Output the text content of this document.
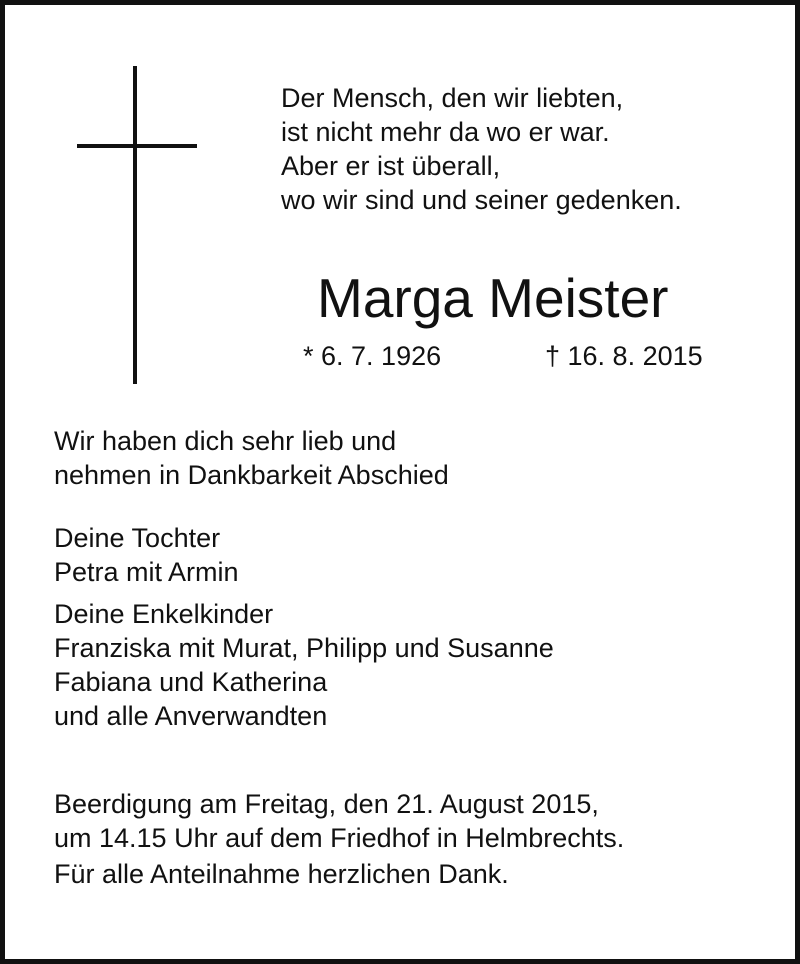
Der Mensch, den wir liebten,
ist nicht mehr da wo er war.
Aber er ist überall,
wo wir sind und seiner gedenken.
Marga Meister
* 6. 7. 1926	† 16. 8. 2015
Wir haben dich sehr lieb und
nehmen in Dankbarkeit Abschied
Deine Tochter
Petra mit Armin
Deine Enkelkinder
Franziska mit Murat, Philipp und Susanne
Fabiana und Katherina
und alle Anverwandten
Beerdigung am Freitag, den 21. August 2015,
um 14.15 Uhr auf dem Friedhof in Helmbrechts.
Für alle Anteilnahme herzlichen Dank.
